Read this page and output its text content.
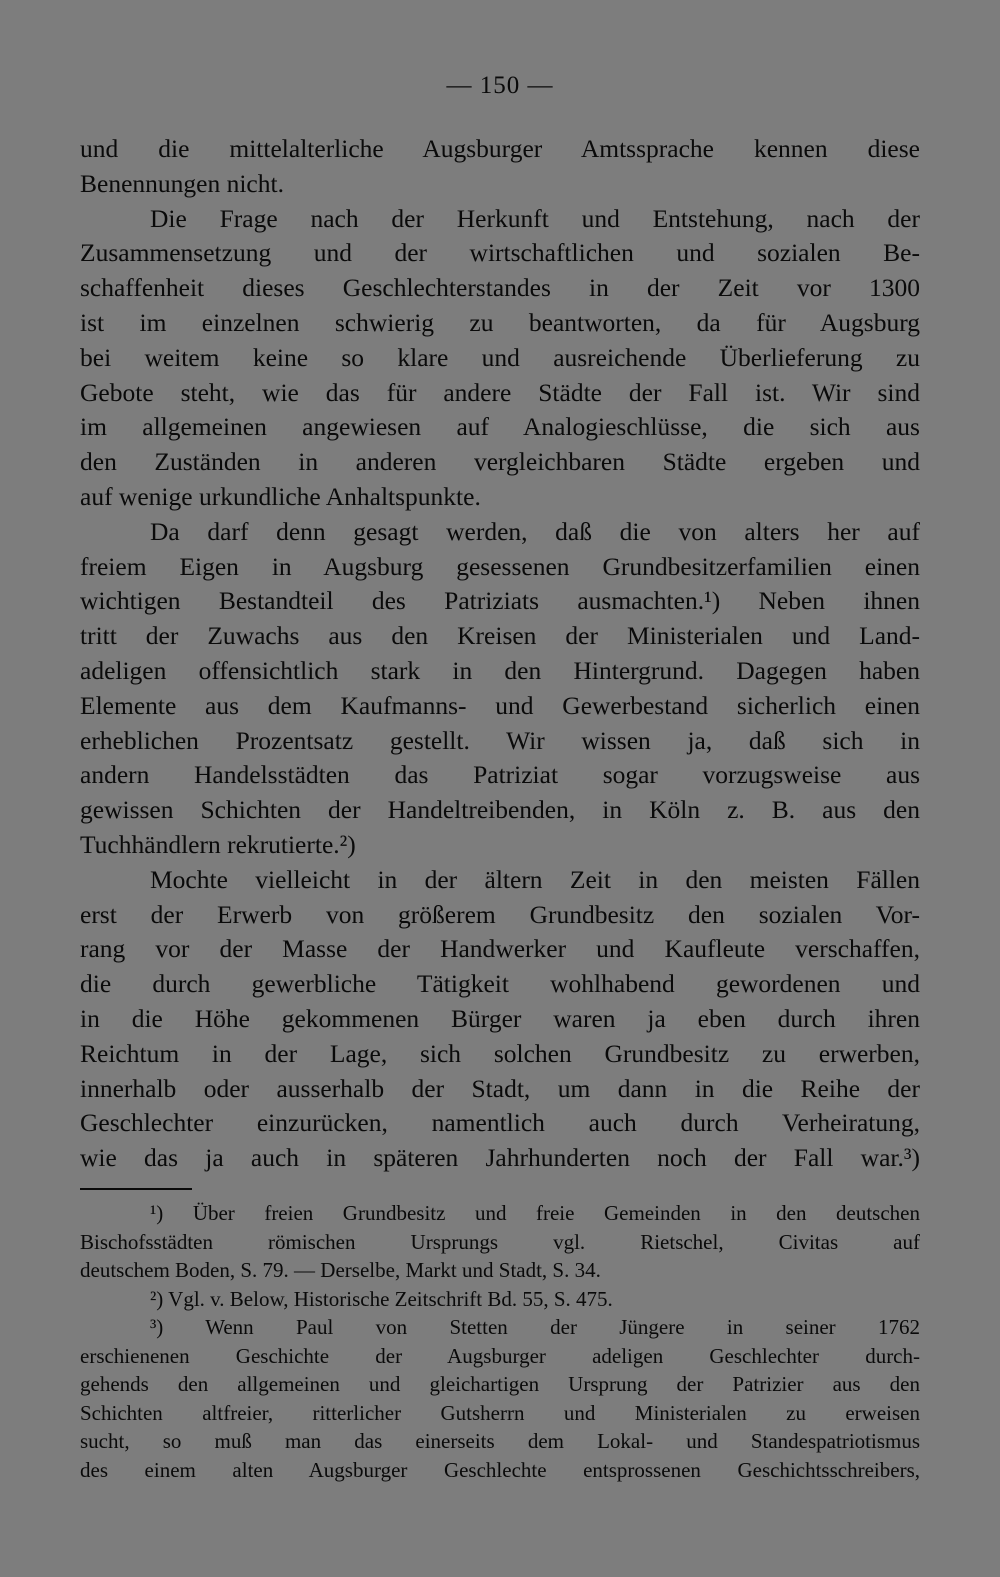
— 150 —
und die mittelalterliche Augsburger Amtssprache kennen diese
Benennungen nicht.
Die Frage nach der Herkunft und Entstehung, nach der
Zusammensetzung und der wirtschaftlichen und sozialen Be-
schaffenheit dieses Geschlechterstandes in der Zeit vor 1300
ist im einzelnen schwierig zu beantworten, da für Augsburg
bei weitem keine so klare und ausreichende Überlieferung zu
Gebote steht, wie das für andere Städte der Fall ist. Wir sind
im allgemeinen angewiesen auf Analogieschlüsse, die sich aus
den Zuständen in anderen vergleichbaren Städte ergeben und
auf wenige urkundliche Anhaltspunkte.
Da darf denn gesagt werden, daß die von alters her auf
freiem Eigen in Augsburg gesessenen Grundbesitzerfamilien einen
wichtigen Bestandteil des Patriziats ausmachten.¹) Neben ihnen
tritt der Zuwachs aus den Kreisen der Ministerialen und Land-
adeligen offensichtlich stark in den Hintergrund. Dagegen haben
Elemente aus dem Kaufmanns- und Gewerbestand sicherlich einen
erheblichen Prozentsatz gestellt. Wir wissen ja, daß sich in
andern Handelsstädten das Patriziat sogar vorzugsweise aus
gewissen Schichten der Handeltreibenden, in Köln z. B. aus den
Tuchhändlern rekrutierte.²)
Mochte vielleicht in der ältern Zeit in den meisten Fällen
erst der Erwerb von größerem Grundbesitz den sozialen Vor-
rang vor der Masse der Handwerker und Kaufleute verschaffen,
die durch gewerbliche Tätigkeit wohlhabend gewordenen und
in die Höhe gekommenen Bürger waren ja eben durch ihren
Reichtum in der Lage, sich solchen Grundbesitz zu erwerben,
innerhalb oder ausserhalb der Stadt, um dann in die Reihe der
Geschlechter einzurücken, namentlich auch durch Verheiratung,
wie das ja auch in späteren Jahrhunderten noch der Fall war.³)
¹) Über freien Grundbesitz und freie Gemeinden in den deutschen
Bischofsstädten römischen Ursprungs vgl. Rietschel, Civitas auf
deutschem Boden, S. 79. — Derselbe, Markt und Stadt, S. 34.
²) Vgl. v. Below, Historische Zeitschrift Bd. 55, S. 475.
³) Wenn Paul von Stetten der Jüngere in seiner 1762
erschienenen Geschichte der Augsburger adeligen Geschlechter durch-
gehends den allgemeinen und gleichartigen Ursprung der Patrizier aus den
Schichten altfreier, ritterlicher Gutsherrn und Ministerialen zu erweisen
sucht, so muß man das einerseits dem Lokal- und Standespatriotismus
des einem alten Augsburger Geschlechte entsprossenen Geschichtsschreibers,
